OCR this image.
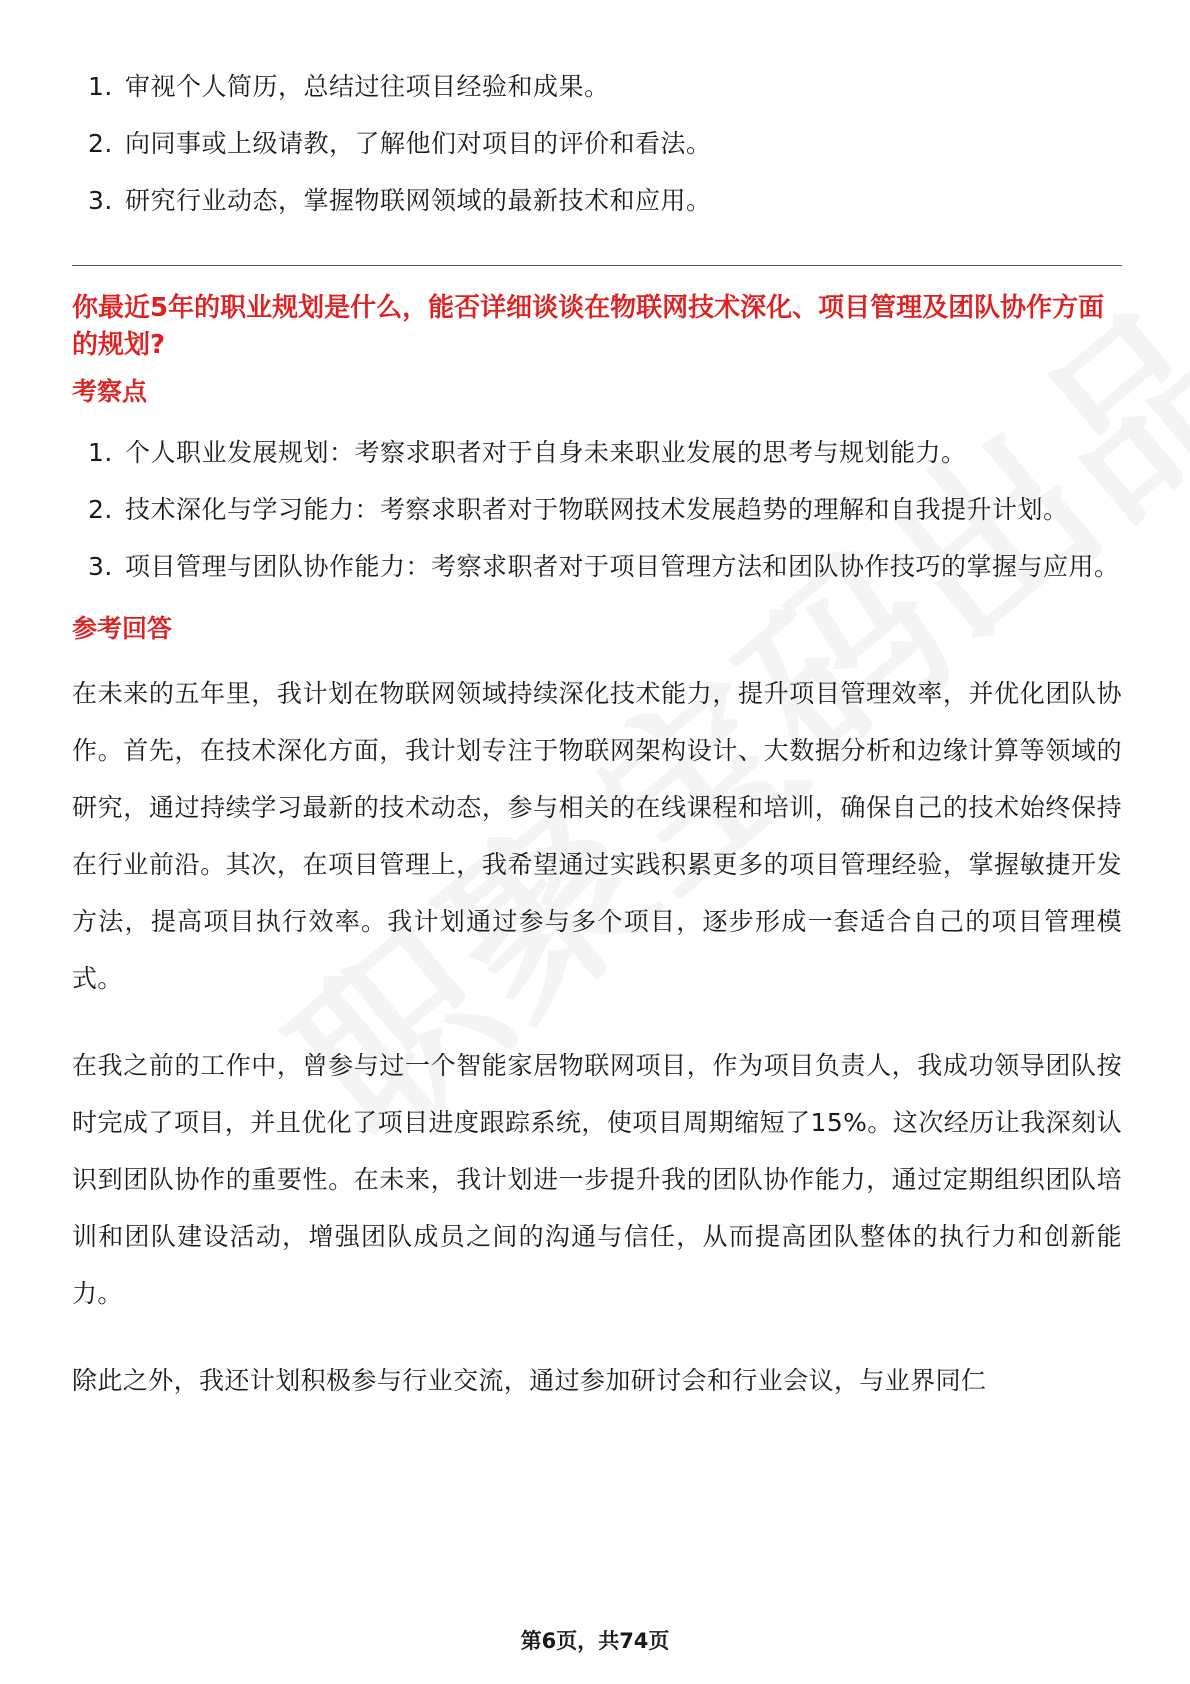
1. 审视个人简历，总结过往项目经验和成果。
2. 向同事或上级请教，了解他们对项目的评价和看法。
3. 研究行业动态，掌握物联网领域的最新技术和应用。
你最近5年的职业规划是什么，能否详细谈谈在物联网技术深化、项目管理及团队协作方面的规划?
考察点
1. 个人职业发展规划：考察求职者对于自身未来职业发展的思考与规划能力。
2. 技术深化与学习能力：考察求职者对于物联网技术发展趋势的理解和自我提升计划。
3. 项目管理与团队协作能力：考察求职者对于项目管理方法和团队协作技巧的掌握与应用。
参考回答

在未来的五年里，我计划在物联网领域持续深化技术能力，提升项目管理效率，并优化团队协作。首先，在技术深化方面，我计划专注于物联网架构设计、大数据分析和边缘计算等领域的研究，通过持续学习最新的技术动态，参与相关的在线课程和培训，确保自己的技术始终保持在行业前沿。其次，在项目管理上，我希望通过实践积累更多的项目管理经验，掌握敏捷开发方法，提高项目执行效率。我计划通过参与多个项目，逐步形成一套适合自己的项目管理模式。

在我之前的工作中，曾参与过一个智能家居物联网项目，作为项目负责人，我成功领导团队按时完成了项目，并且优化了项目进度跟踪系统，使项目周期缩短了15%。这次经历让我深刻认识到团队协作的重要性。在未来，我计划进一步提升我的团队协作能力，通过定期组织团队培训和团队建设活动，增强团队成员之间的沟通与信任，从而提高团队整体的执行力和创新能力。

除此之外，我还计划积极参与行业交流，通过参加研讨会和行业会议，与业界同仁

第6页，共74页
